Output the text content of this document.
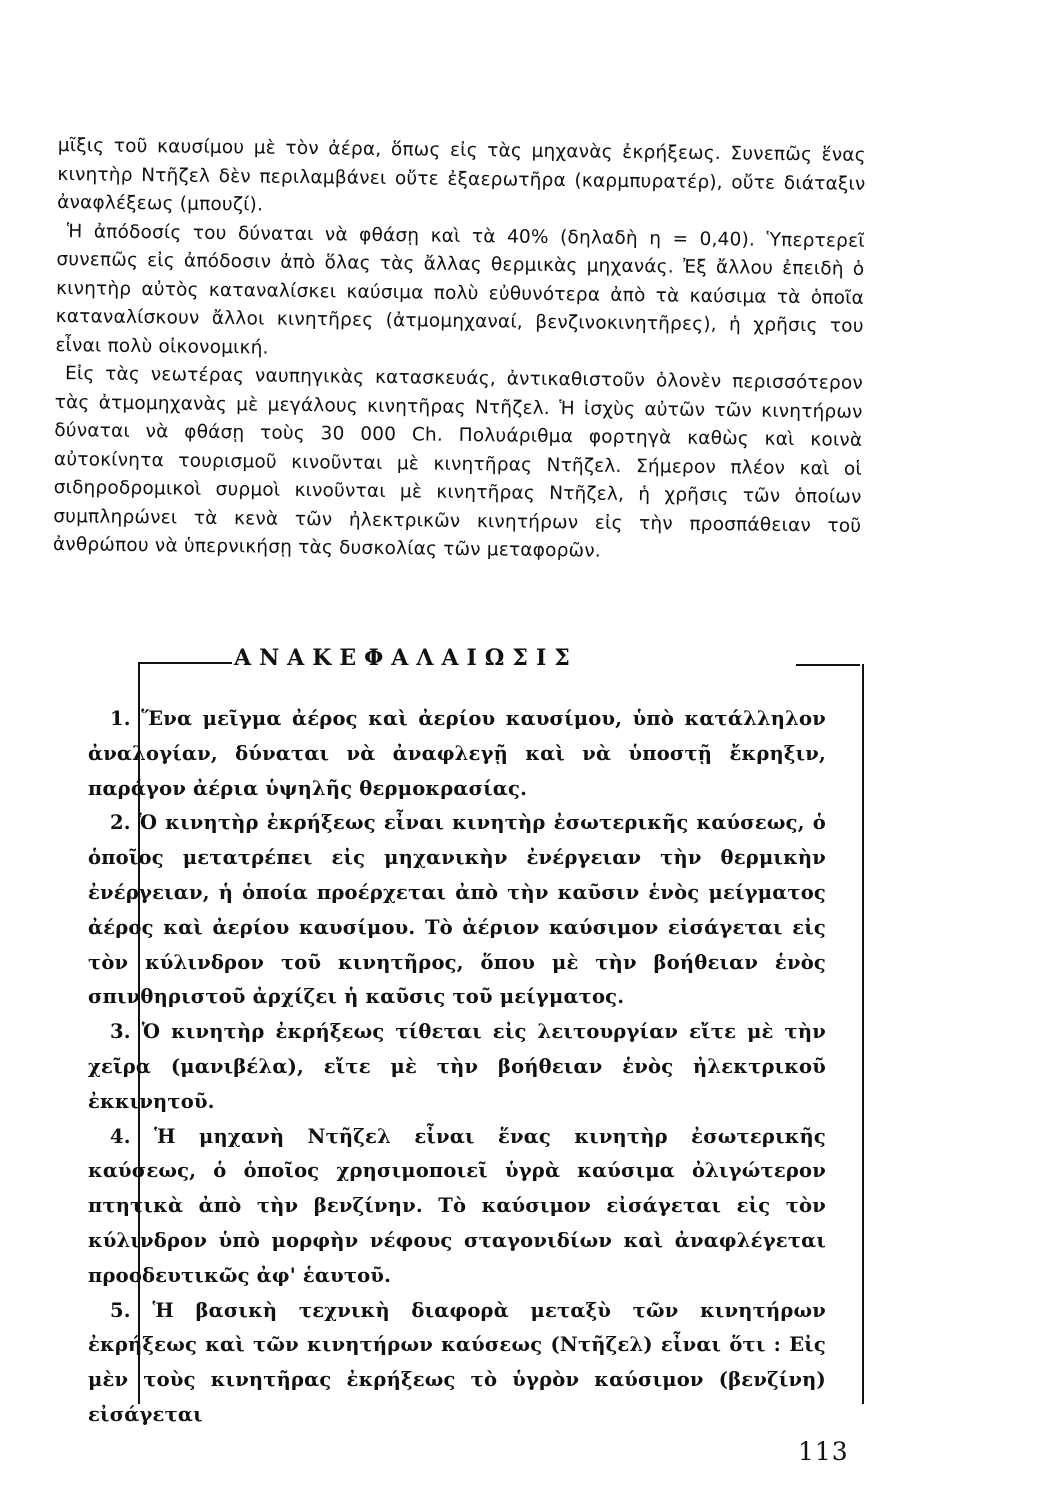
μῖξις τοῦ καυσίμου μὲ τὸν ἀέρα, ὅπως εἰς τὰς μηχανὰς ἐκρήξεως. Συνεπῶς ἕνας κινητὴρ Ντῆζελ δὲν περιλαμβάνει οὔτε ἐξαερωτῆρα (καρμπυρατέρ), οὔτε διάταξιν ἀναφλέξεως (μπουζί).

Ἡ ἀπόδοσίς του δύναται νὰ φθάσῃ καὶ τὰ 40% (δηλαδὴ η = 0,40). Ὑπερτερεῖ συνεπῶς εἰς ἀπόδοσιν ἀπὸ ὅλας τὰς ἄλλας θερμικὰς μηχανάς. Ἐξ ἄλλου ἐπειδὴ ὁ κινητὴρ αὐτὸς καταναλίσκει καύσιμα πολὺ εὐθυνότερα ἀπὸ τὰ καύσιμα τὰ ὁποῖα καταναλίσκουν ἄλλοι κινητῆρες (ἀτμομηχαναί, βενζινοκινητῆρες), ἡ χρῆσις του εἶναι πολὺ οἰκονομική.

Εἰς τὰς νεωτέρας ναυπηγικὰς κατασκευάς, ἀντικαθιστοῦν ὁλονὲν περισσότερον τὰς ἀτμομηχανὰς μὲ μεγάλους κινητῆρας Ντῆζελ. Ἡ ἰσχὺς αὐτῶν τῶν κινητήρων δύναται νὰ φθάσῃ τοὺς 30 000 Ch. Πολυάριθμα φορτηγὰ καθὼς καὶ κοινὰ αὐτοκίνητα τουρισμοῦ κινοῦνται μὲ κινητῆρας Ντῆζελ. Σήμερον πλέον καὶ οἱ σιδηροδρομικοὶ συρμοὶ κινοῦνται μὲ κινητῆρας Ντῆζελ, ἡ χρῆσις τῶν ὁποίων συμπληρώνει τὰ κενὰ τῶν ἠλεκτρικῶν κινητήρων εἰς τὴν προσπάθειαν τοῦ ἀνθρώπου νὰ ὑπερνικήσῃ τὰς δυσκολίας τῶν μεταφορῶν.

ΑΝΑΚΕΦΑΛΑΙΩΣΙΣ

1. Ἕνα μεῖγμα ἀέρος καὶ ἀερίου καυσίμου, ὑπὸ κατάλληλον ἀναλογίαν, δύναται νὰ ἀναφλεγῇ καὶ νὰ ὑποστῇ ἔκρηξιν, παράγον ἀέρια ὑψηλῆς θερμοκρασίας.

2. Ὁ κινητὴρ ἐκρήξεως εἶναι κινητὴρ ἐσωτερικῆς καύσεως, ὁ ὁποῖος μετατρέπει εἰς μηχανικὴν ἐνέργειαν τὴν θερμικὴν ἐνέργειαν, ἡ ὁποία προέρχεται ἀπὸ τὴν καῦσιν ἑνὸς μείγματος ἀέρος καὶ ἀερίου καυσίμου. Τὸ ἀέριον καύσιμον εἰσάγεται εἰς τὸν κύλινδρον τοῦ κινητῆρος, ὅπου μὲ τὴν βοήθειαν ἑνὸς σπινθηριστοῦ ἀρχίζει ἡ καῦσις τοῦ μείγματος.

3. Ὁ κινητὴρ ἐκρήξεως τίθεται εἰς λειτουργίαν εἴτε μὲ τὴν χεῖρα (μανιβέλα), εἴτε μὲ τὴν βοήθειαν ἑνὸς ἠλεκτρικοῦ ἐκκινητοῦ.

4. Ἡ μηχανὴ Ντῆζελ εἶναι ἕνας κινητὴρ ἐσωτερικῆς καύσεως, ὁ ὁποῖος χρησιμοποιεῖ ὑγρὰ καύσιμα ὀλιγώτερον πτητικὰ ἀπὸ τὴν βενζίνην. Τὸ καύσιμον εἰσάγεται εἰς τὸν κύλινδρον ὑπὸ μορφὴν νέφους σταγονιδίων καὶ ἀναφλέγεται προοδευτικῶς ἀφ' ἑαυτοῦ.

5. Ἡ βασικὴ τεχνικὴ διαφορὰ μεταξὺ τῶν κινητήρων ἐκρήξεως καὶ τῶν κινητήρων καύσεως (Ντῆζελ) εἶναι ὅτι : Εἰς μὲν τοὺς κινητῆρας ἐκρήξεως τὸ ὑγρὸν καύσιμον (βενζίνη) εἰσάγεται

113
